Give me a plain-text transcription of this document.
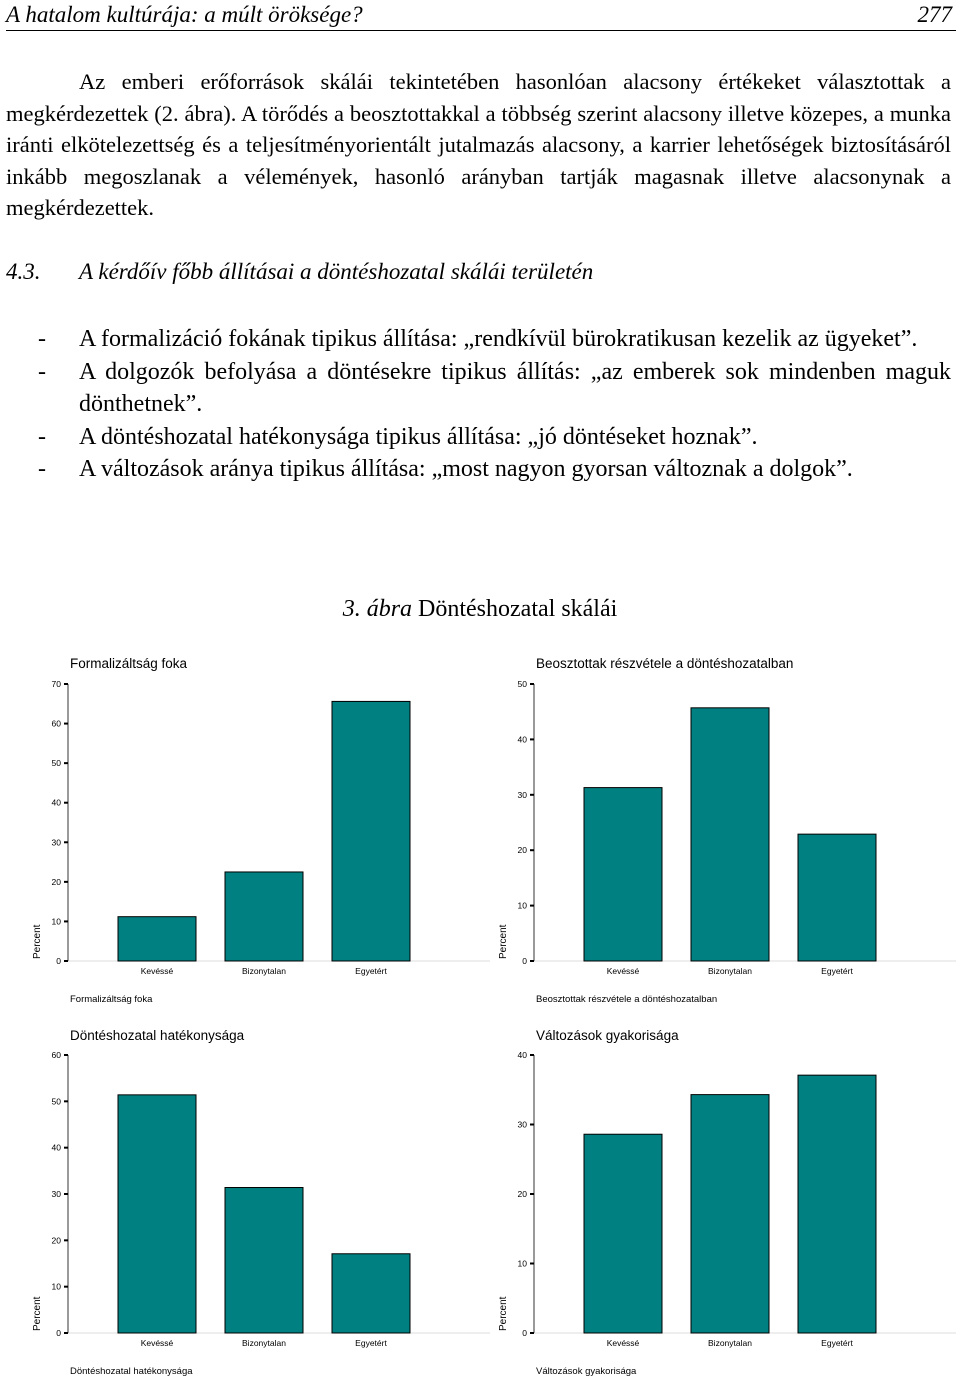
A hatalom kultúrája: a múlt öröksége?	277

Az emberi erőforrások skálái tekintetében hasonlóan alacsony értékeket választottak a megkérdezettek (2. ábra). A törődés a beosztottakkal a többség szerint alacsony illetve közepes, a munka iránti elkötelezettség és a teljesítményorientált jutalmazás alacsony, a karrier lehetőségek biztosításáról inkább megoszlanak a vélemények, hasonló arányban tartják magasnak illetve alacsonynak a megkérdezettek.

4.3. A kérdőív főbb állításai a döntéshozatal skálái területén
- A formalizáció fokának tipikus állítása: „rendkívül bürokratikusan kezelik az ügyeket”.
- A dolgozók befolyása a döntésekre tipikus állítás: „az emberek sok mindenben maguk dönthetnek”.
- A döntéshozatal hatékonysága tipikus állítása: „jó döntéseket hoznak”.
- A változások aránya tipikus állítása: „most nagyon gyorsan változnak a dolgok”.
3. ábra Döntéshozatal skálái
Formalizáltság foka
0
10
20
30
40
50
60
70
Kevéssé	Bizonytalan	Egyetért
Formalizáltság foka
Percent
Beosztottak részvétele a döntéshozatalban
0
10
20
30
40
50
Kevéssé	Bizonytalan	Egyetért
Beosztottak részvétele a döntéshozatalban
Percent
Döntéshozatal hatékonysága
0
10
20
30
40
50
60
Kevéssé	Bizonytalan	Egyetért
Döntéshozatal hatékonysága
Percent
Változások gyakorisága
0
10
20
30
40
Kevéssé	Bizonytalan	Egyetért
Változások gyakorisága
Percent
